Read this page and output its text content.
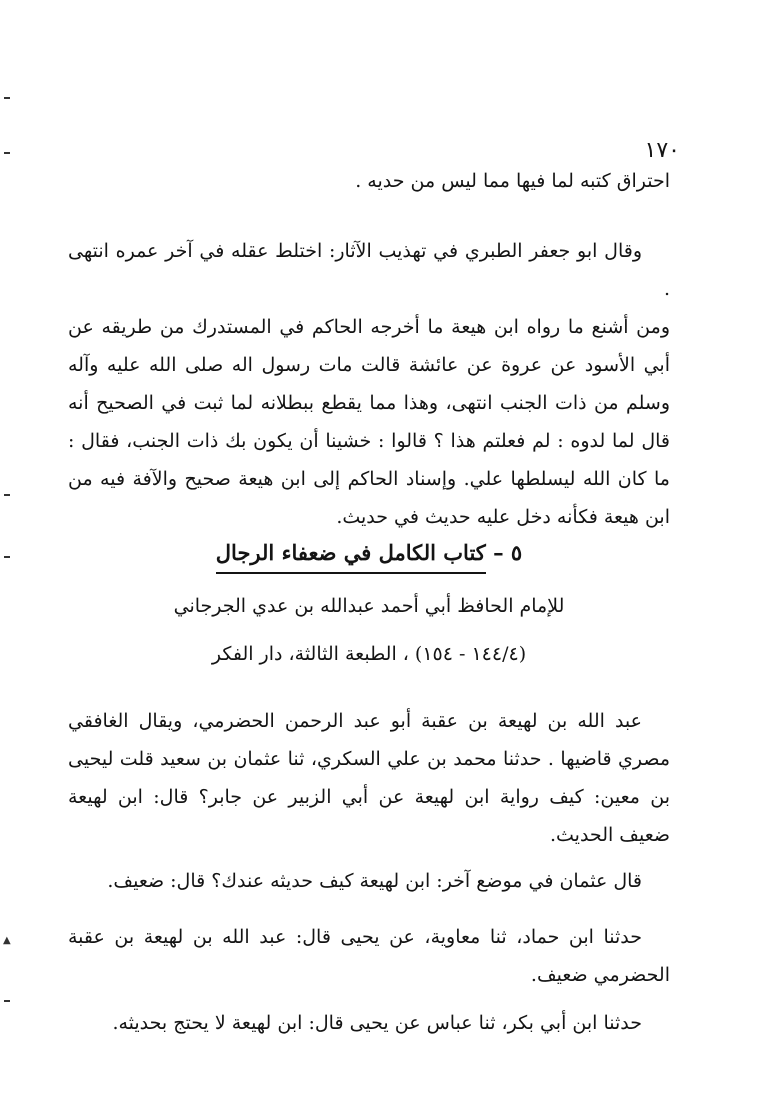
▲
١٧٠

احتراق كتبه لما فيها مما ليس من حديه .

وقال ابو جعفر الطبري في تهذيب الآثار: اختلط عقله في آخر عمره انتهى .

ومن أشنع ما رواه ابن هيعة ما أخرجه الحاكم في المستدرك من طريقه عن أبي الأسود عن عروة عن عائشة قالت مات رسول اله صلى الله عليه وآله وسلم من ذات الجنب انتهى، وهذا مما يقطع ببطلانه لما ثبت في الصحيح أنه قال لما لدوه : لم فعلتم هذا ؟ قالوا : خشينا أن يكون بك ذات الجنب، فقال : ما كان الله ليسلطها علي. وإسناد الحاكم إلى ابن هيعة صحيح والآفة فيه من ابن هيعة فكأنه دخل عليه حديث في حديث.

٥ – كتاب الكامل في ضعفاء الرجال
للإمام الحافظ أبي أحمد عبدالله بن عدي الجرجاني
(١٤٤/٤ - ١٥٤) ، الطبعة الثالثة، دار الفكر

عبد الله بن لهيعة بن عقبة أبو عبد الرحمن الحضرمي، ويقال الغافقي مصري قاضيها . حدثنا محمد بن علي السكري، ثنا عثمان بن سعيد قلت ليحيى بن معين: كيف رواية ابن لهيعة عن أبي الزبير عن جابر؟ قال: ابن لهيعة ضعيف الحديث.

قال عثمان في موضع آخر: ابن لهيعة كيف حديثه عندك؟ قال: ضعيف.

حدثنا ابن حماد، ثنا معاوية، عن يحيى قال: عبد الله بن لهيعة بن عقبة الحضرمي ضعيف.

حدثنا ابن أبي بكر، ثنا عباس عن يحيى قال: ابن لهيعة لا يحتج بحديثه.
